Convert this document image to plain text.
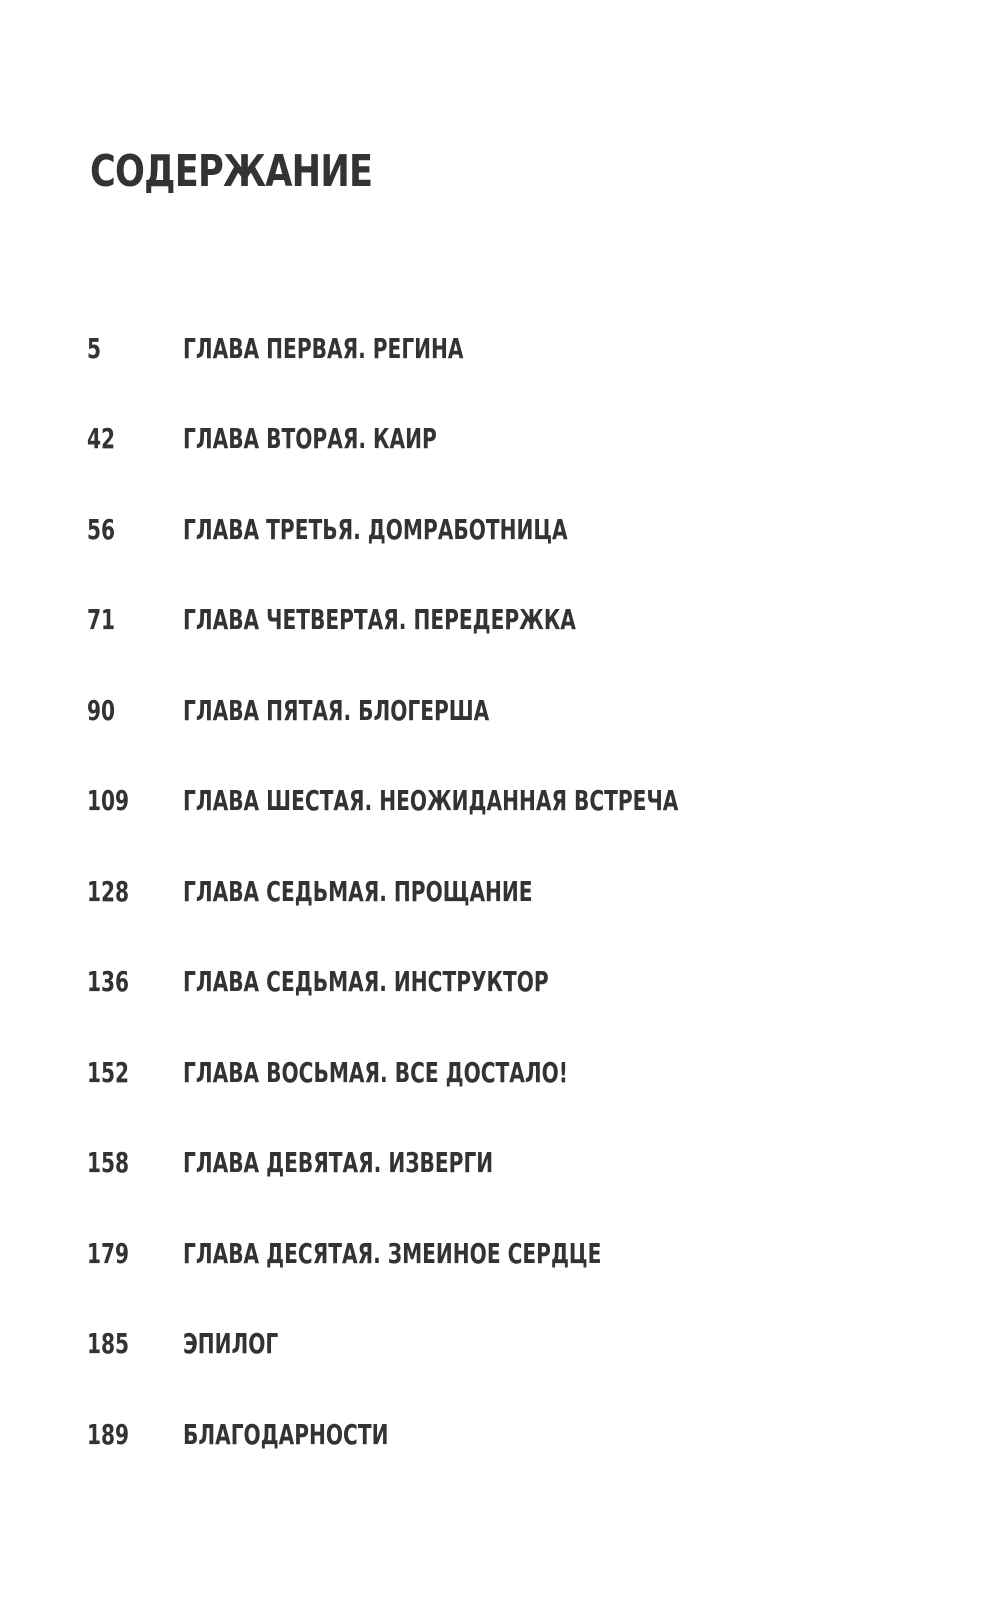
СОДЕРЖАНИЕ
5	ГЛАВА ПЕРВАЯ. РЕГИНА
42 ГЛАВА ВТОРАЯ. КАИР
56 ГЛАВА ТРЕТЬЯ. ДОМРАБОТНИЦА
71 ГЛАВА ЧЕТВЕРТАЯ. ПЕРЕДЕРЖКА
90 ГЛАВА ПЯТАЯ. БЛОГЕРША
109 ГЛАВА ШЕСТАЯ. НЕОЖИДАННАЯ ВСТРЕЧА
128 ГЛАВА СЕДЬМАЯ. ПРОЩАНИЕ
136 ГЛАВА СЕДЬМАЯ. ИНСТРУКТОР
152 ГЛАВА ВОСЬМАЯ. ВСЕ ДОСТАЛО!
158 ГЛАВА ДЕВЯТАЯ. ИЗВЕРГИ
179 ГЛАВА ДЕСЯТАЯ. ЗМЕИНОЕ СЕРДЦЕ
185 ЭПИЛОГ
189 БЛАГОДАРНОСТИ
